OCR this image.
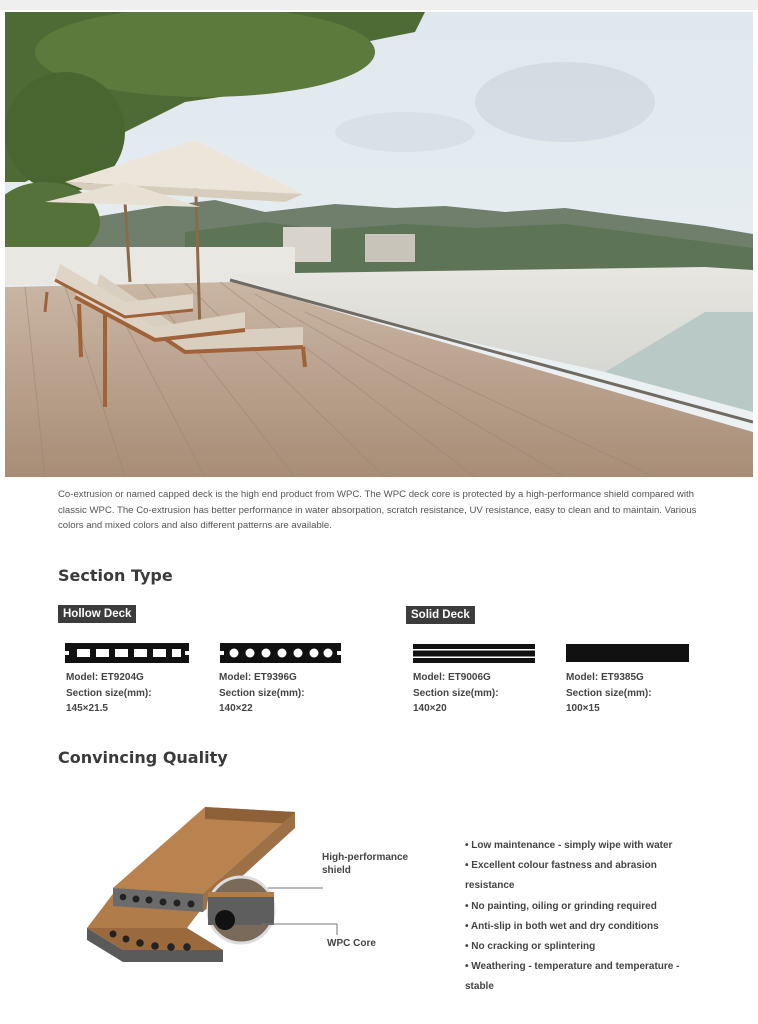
Co-extrusion or named capped deck is the high end product from WPC. The WPC deck core is protected by a high-performance shield compared with classic WPC. The Co-extrusion has better performance in water absorpation, scratch resistance, UV resistance, easy to clean and to maintain. Various colors and mixed colors and also different patterns are available.
Section Type
Hollow Deck	Solid Deck
Model: ET9204G
Section size(mm):
145×21.5
Model: ET9396G
Section size(mm):
140×22
Model: ET9006G
Section size(mm):
140×20
Model: ET9385G
Section size(mm):
100×15
Convincing Quality
High-performance
shield
WPC Core
• Low maintenance - simply wipe with water
• Excellent colour fastness and abrasion
resistance
• No painting, oiling or grinding required
• Anti-slip in both wet and dry conditions
• No cracking or splintering
• Weathering - temperature and temperature -
stable
